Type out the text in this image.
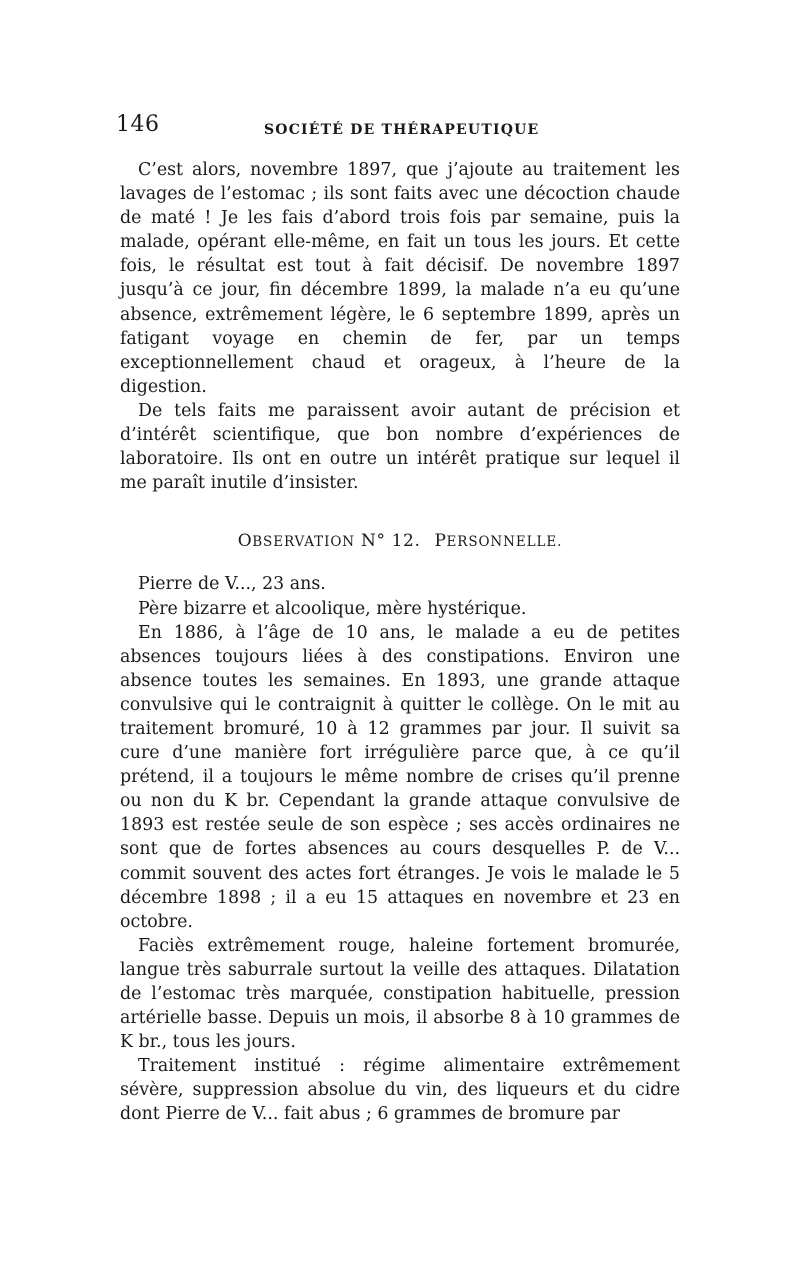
146	SOCIÉTÉ DE THÉRAPEUTIQUE

C’est alors, novembre 1897, que j’ajoute au traitement les lavages de l’estomac ; ils sont faits avec une décoction chaude de maté ! Je les fais d’abord trois fois par semaine, puis la malade, opérant elle-même, en fait un tous les jours. Et cette fois, le résultat est tout à fait décisif. De novembre 1897 jusqu’à ce jour, fin décembre 1899, la malade n’a eu qu’une absence, extrêmement légère, le 6 septembre 1899, après un fatigant voyage en chemin de fer, par un temps exceptionnellement chaud et orageux, à l’heure de la digestion.

De tels faits me paraissent avoir autant de précision et d’intérêt scientifique, que bon nombre d’expériences de laboratoire. Ils ont en outre un intérêt pratique sur lequel il me paraît inutile d’insister.

OBSERVATION N° 12. PERSONNELLE.

Pierre de V..., 23 ans.

Père bizarre et alcoolique, mère hystérique.

En 1886, à l’âge de 10 ans, le malade a eu de petites absences toujours liées à des constipations. Environ une absence toutes les semaines. En 1893, une grande attaque convulsive qui le contraignit à quitter le collège. On le mit au traitement bromuré, 10 à 12 grammes par jour. Il suivit sa cure d’une manière fort irrégulière parce que, à ce qu’il prétend, il a toujours le même nombre de crises qu’il prenne ou non du K br. Cependant la grande attaque convulsive de 1893 est restée seule de son espèce ; ses accès ordinaires ne sont que de fortes absences au cours desquelles P. de V... commit souvent des actes fort étranges. Je vois le malade le 5 décembre 1898 ; il a eu 15 attaques en novembre et 23 en octobre.

Faciès extrêmement rouge, haleine fortement bromurée, langue très saburrale surtout la veille des attaques. Dilatation de l’estomac très marquée, constipation habituelle, pression artérielle basse. Depuis un mois, il absorbe 8 à 10 grammes de K br., tous les jours.

Traitement institué : régime alimentaire extrêmement sévère, suppression absolue du vin, des liqueurs et du cidre dont Pierre de V... fait abus ; 6 grammes de bromure par
